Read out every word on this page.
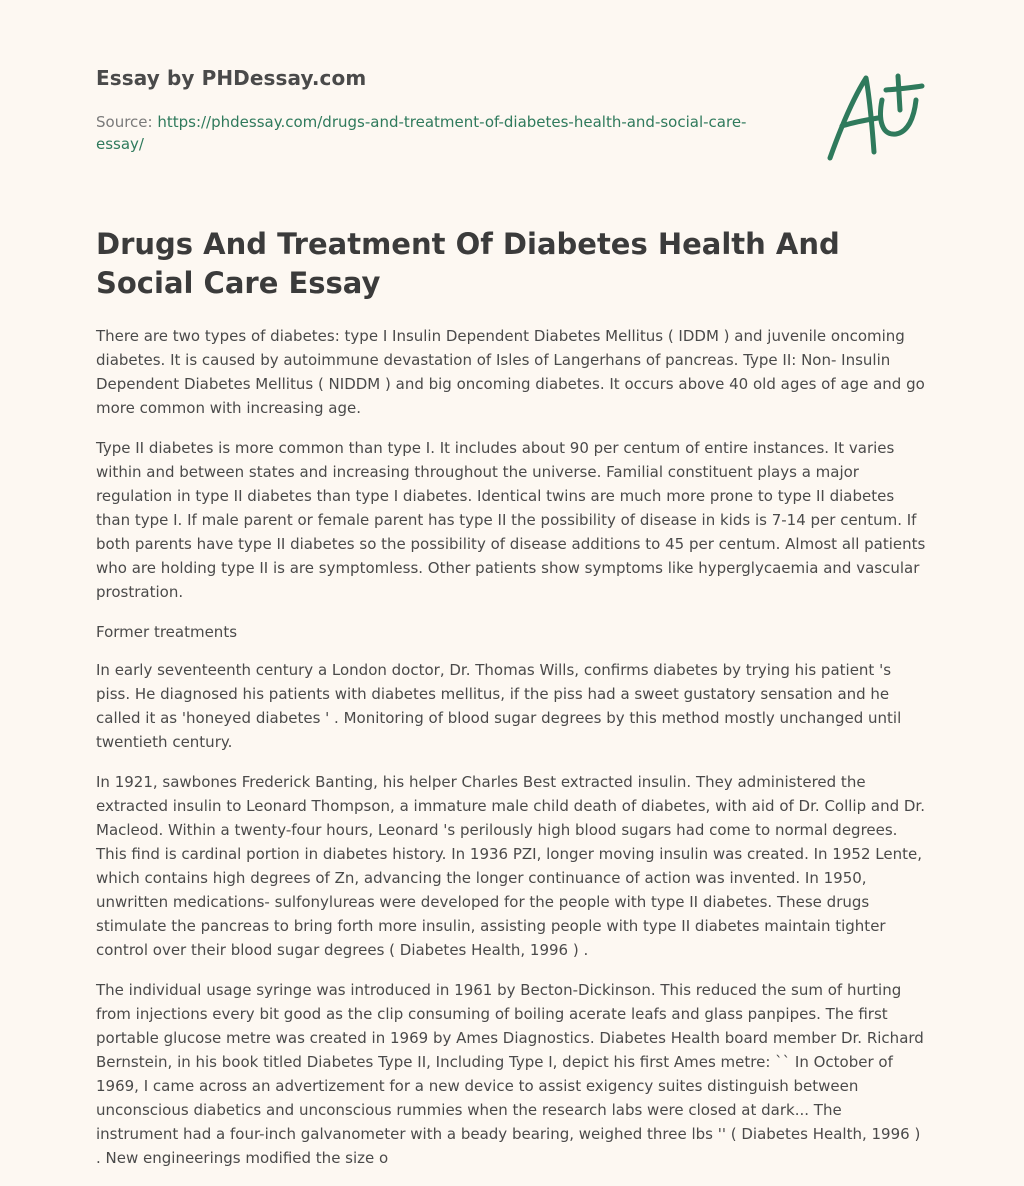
Essay by PHDessay.com
Source: https://phdessay.com/drugs-and-treatment-of-diabetes-health-and-social-care-essay/
Drugs And Treatment Of Diabetes Health And Social Care Essay

There are two types of diabetes: type I Insulin Dependent Diabetes Mellitus ( IDDM ) and juvenile oncoming diabetes. It is caused by autoimmune devastation of Isles of Langerhans of pancreas. Type II: Non- Insulin Dependent Diabetes Mellitus ( NIDDM ) and big oncoming diabetes. It occurs above 40 old ages of age and go more common with increasing age.

Type II diabetes is more common than type I. It includes about 90 per centum of entire instances. It varies within and between states and increasing throughout the universe. Familial constituent plays a major regulation in type II diabetes than type I diabetes. Identical twins are much more prone to type II diabetes than type I. If male parent or female parent has type II the possibility of disease in kids is 7-14 per centum. If both parents have type II diabetes so the possibility of disease additions to 45 per centum. Almost all patients who are holding type II is are symptomless. Other patients show symptoms like hyperglycaemia and vascular prostration.

Former treatments

In early seventeenth century a London doctor, Dr. Thomas Wills, confirms diabetes by trying his patient 's piss. He diagnosed his patients with diabetes mellitus, if the piss had a sweet gustatory sensation and he called it as 'honeyed diabetes ' . Monitoring of blood sugar degrees by this method mostly unchanged until twentieth century.

In 1921, sawbones Frederick Banting, his helper Charles Best extracted insulin. They administered the extracted insulin to Leonard Thompson, a immature male child death of diabetes, with aid of Dr. Collip and Dr. Macleod. Within a twenty-four hours, Leonard 's perilously high blood sugars had come to normal degrees. This find is cardinal portion in diabetes history. In 1936 PZI, longer moving insulin was created. In 1952 Lente, which contains high degrees of Zn, advancing the longer continuance of action was invented. In 1950, unwritten medications- sulfonylureas were developed for the people with type II diabetes. These drugs stimulate the pancreas to bring forth more insulin, assisting people with type II diabetes maintain tighter control over their blood sugar degrees ( Diabetes Health, 1996 ) .

The individual usage syringe was introduced in 1961 by Becton-Dickinson. This reduced the sum of hurting from injections every bit good as the clip consuming of boiling acerate leafs and glass panpipes. The first portable glucose metre was created in 1969 by Ames Diagnostics. Diabetes Health board member Dr. Richard Bernstein, in his book titled Diabetes Type II, Including Type I, depict his first Ames metre: `` In October of 1969, I came across an advertizement for a new device to assist exigency suites distinguish between unconscious diabetics and unconscious rummies when the research labs were closed at dark... The instrument had a four-inch galvanometer with a beady bearing, weighed three lbs '' ( Diabetes Health, 1996 ) . New engineerings modified the size o
